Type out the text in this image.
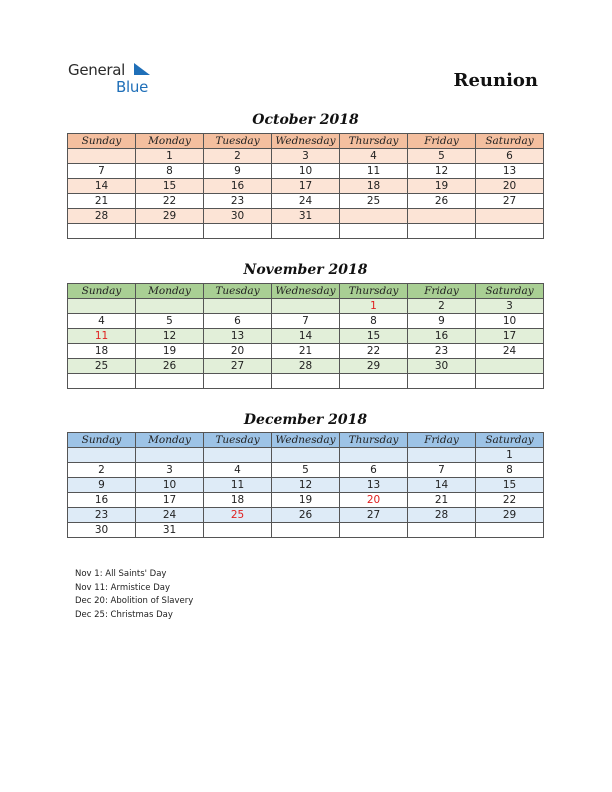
General
Blue	Reunion
October 2018
Sunday	Monday	Tuesday	Wednesday	Thursday	Friday	Saturday
	1	2	3	4	5	6
7	8	9	10	11	12	13
14	15	16	17	18	19	20
21	22	23	24	25	26	27
28	29	30	31			

November 2018
Sunday	Monday	Tuesday	Wednesday	Thursday	Friday	Saturday
				1	2	3
4	5	6	7	8	9	10
11	12	13	14	15	16	17
18	19	20	21	22	23	24
25	26	27	28	29	30	

December 2018
Sunday	Monday	Tuesday	Wednesday	Thursday	Friday	Saturday
						1
2	3	4	5	6	7	8
9	10	11	12	13	14	15
16	17	18	19	20	21	22
23	24	25	26	27	28	29
30	31					
Nov 1: All Saints' Day
Nov 11: Armistice Day
Dec 20: Abolition of Slavery
Dec 25: Christmas Day
